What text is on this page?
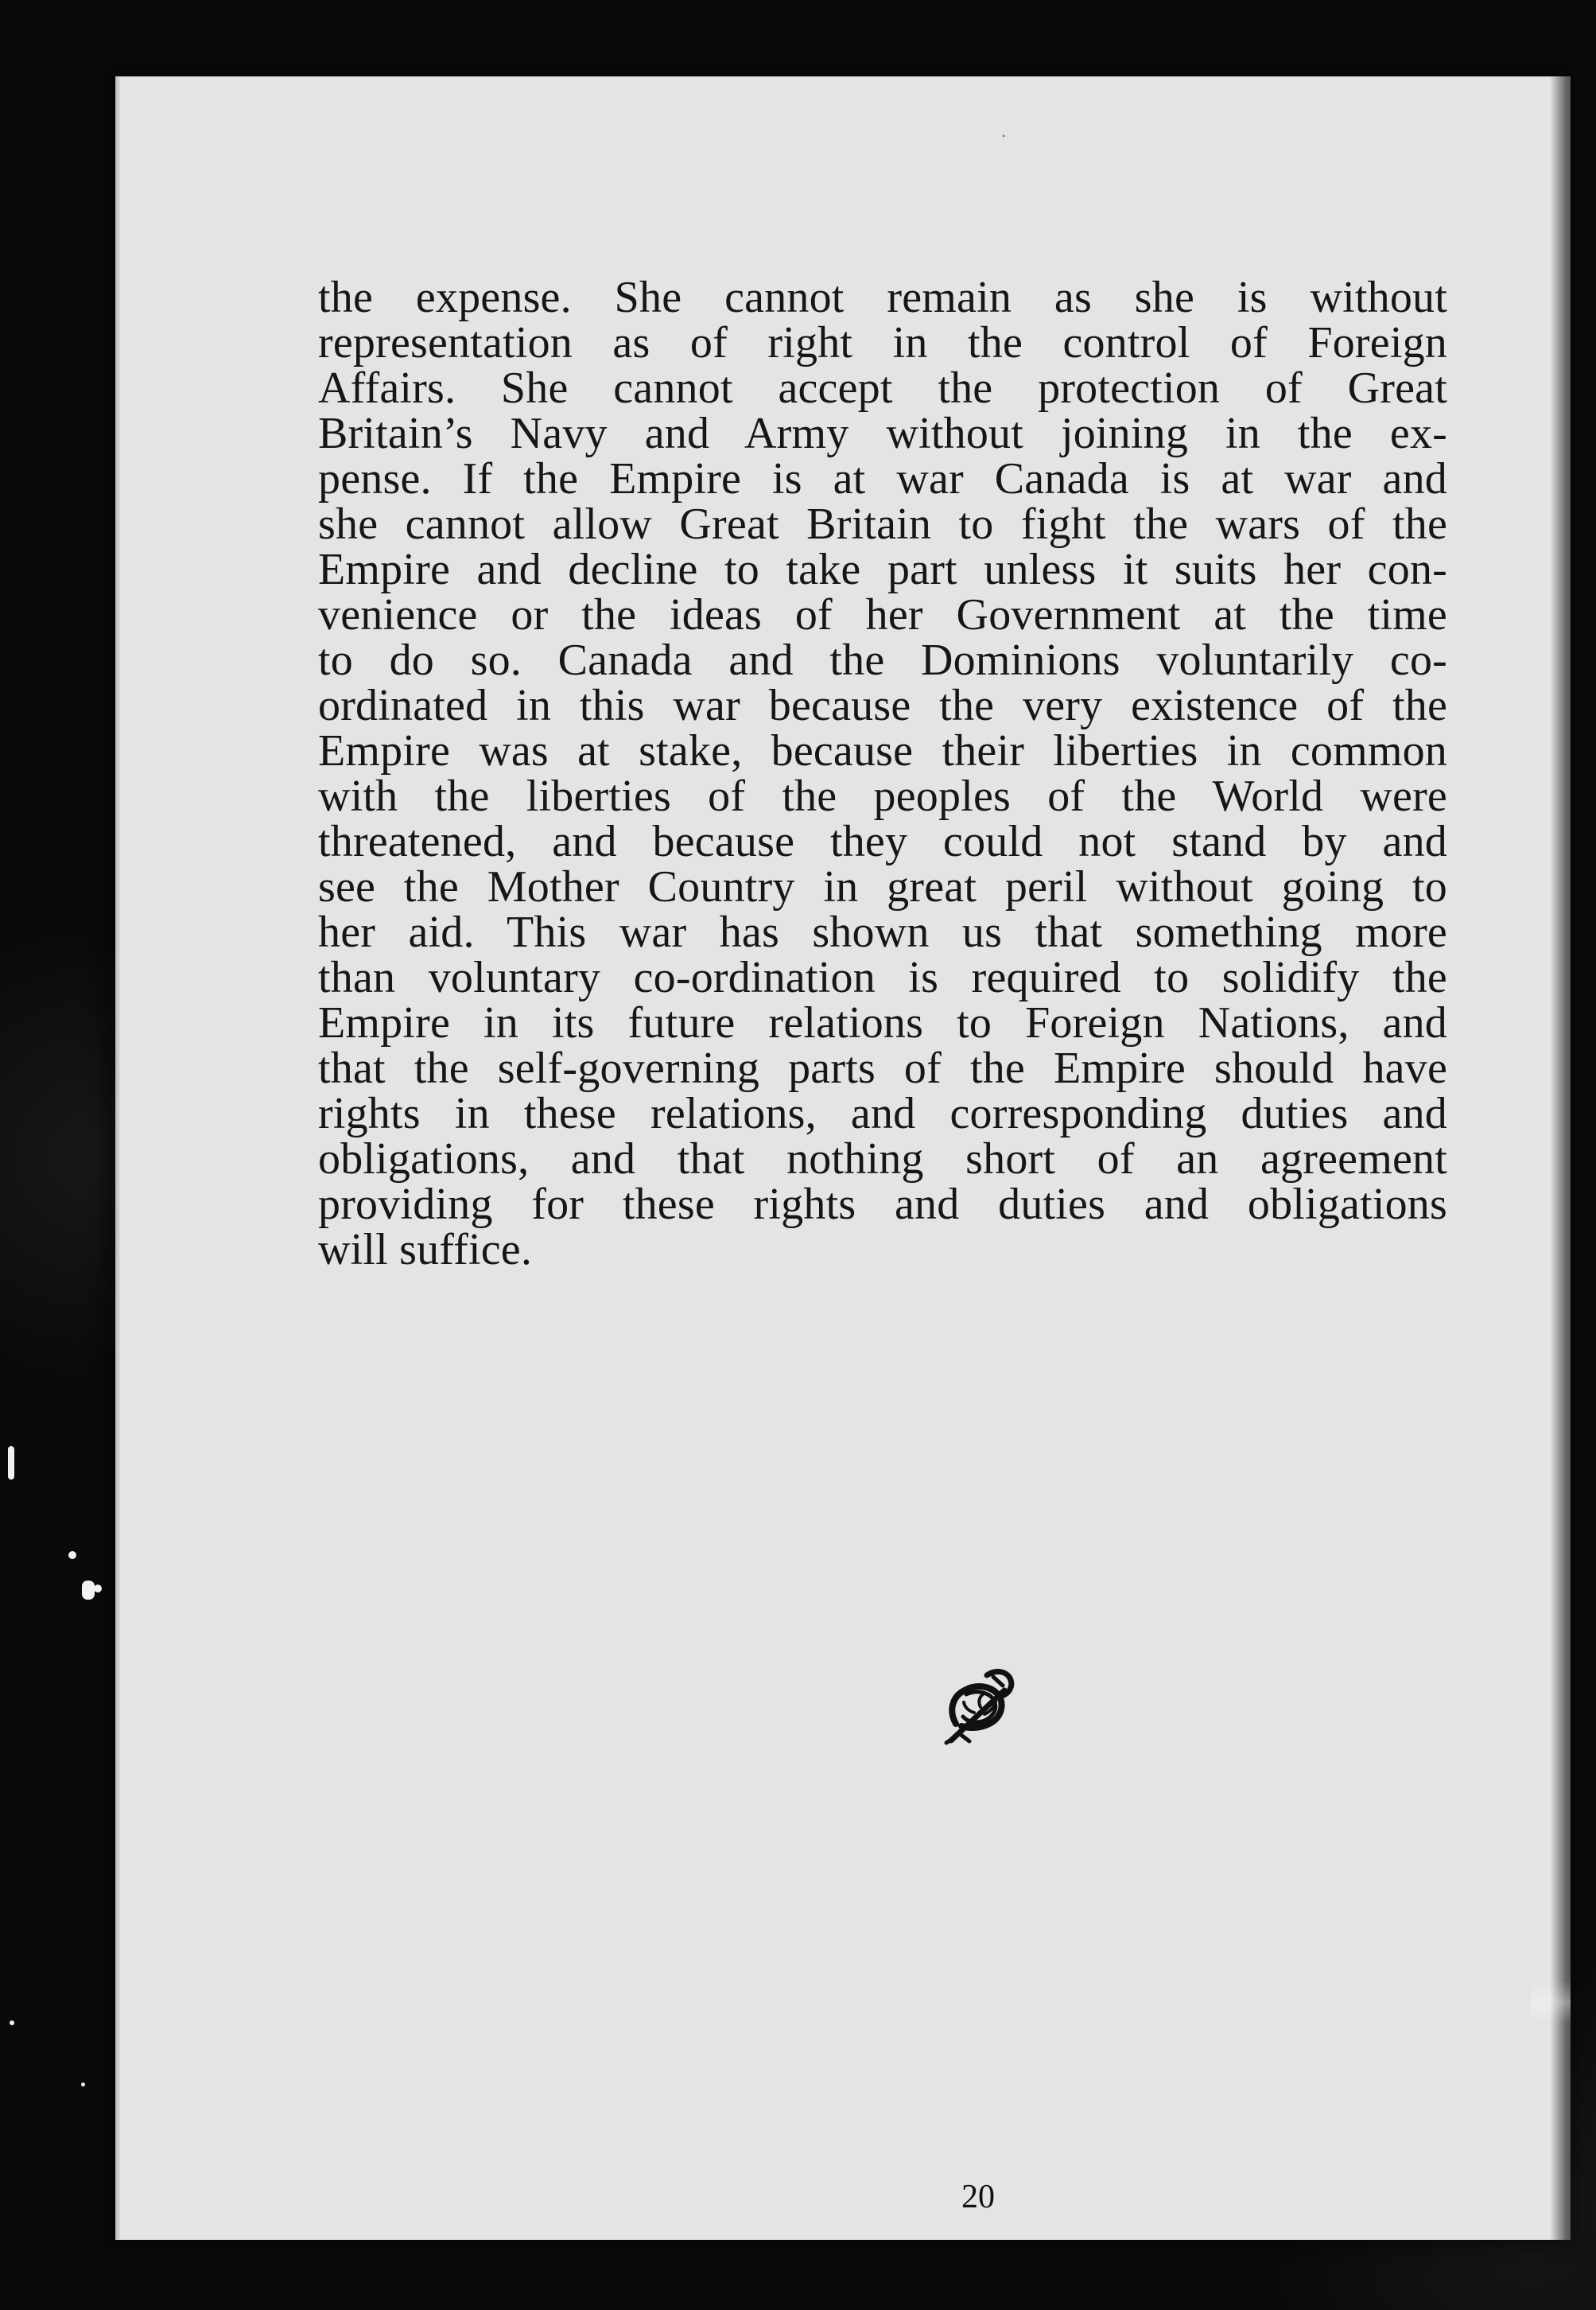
•
the expense. She cannot remain as she is without
representation as of right in the control of Foreign
Affairs. She cannot accept the protection of Great
Britain’s Navy and Army without joining in the ex-
pense. If the Empire is at war Canada is at war and
she cannot allow Great Britain to fight the wars of the
Empire and decline to take part unless it suits her con-
venience or the ideas of her Government at the time
to do so. Canada and the Dominions voluntarily co-
ordinated in this war because the very existence of the
Empire was at stake, because their liberties in common
with the liberties of the peoples of the World were
threatened, and because they could not stand by and
see the Mother Country in great peril without going to
her aid. This war has shown us that something more
than voluntary co-ordination is required to solidify the
Empire in its future relations to Foreign Nations, and
that the self-governing parts of the Empire should have
rights in these relations, and corresponding duties and
obligations, and that nothing short of an agreement
providing for these rights and duties and obligations
will suffice.
20
